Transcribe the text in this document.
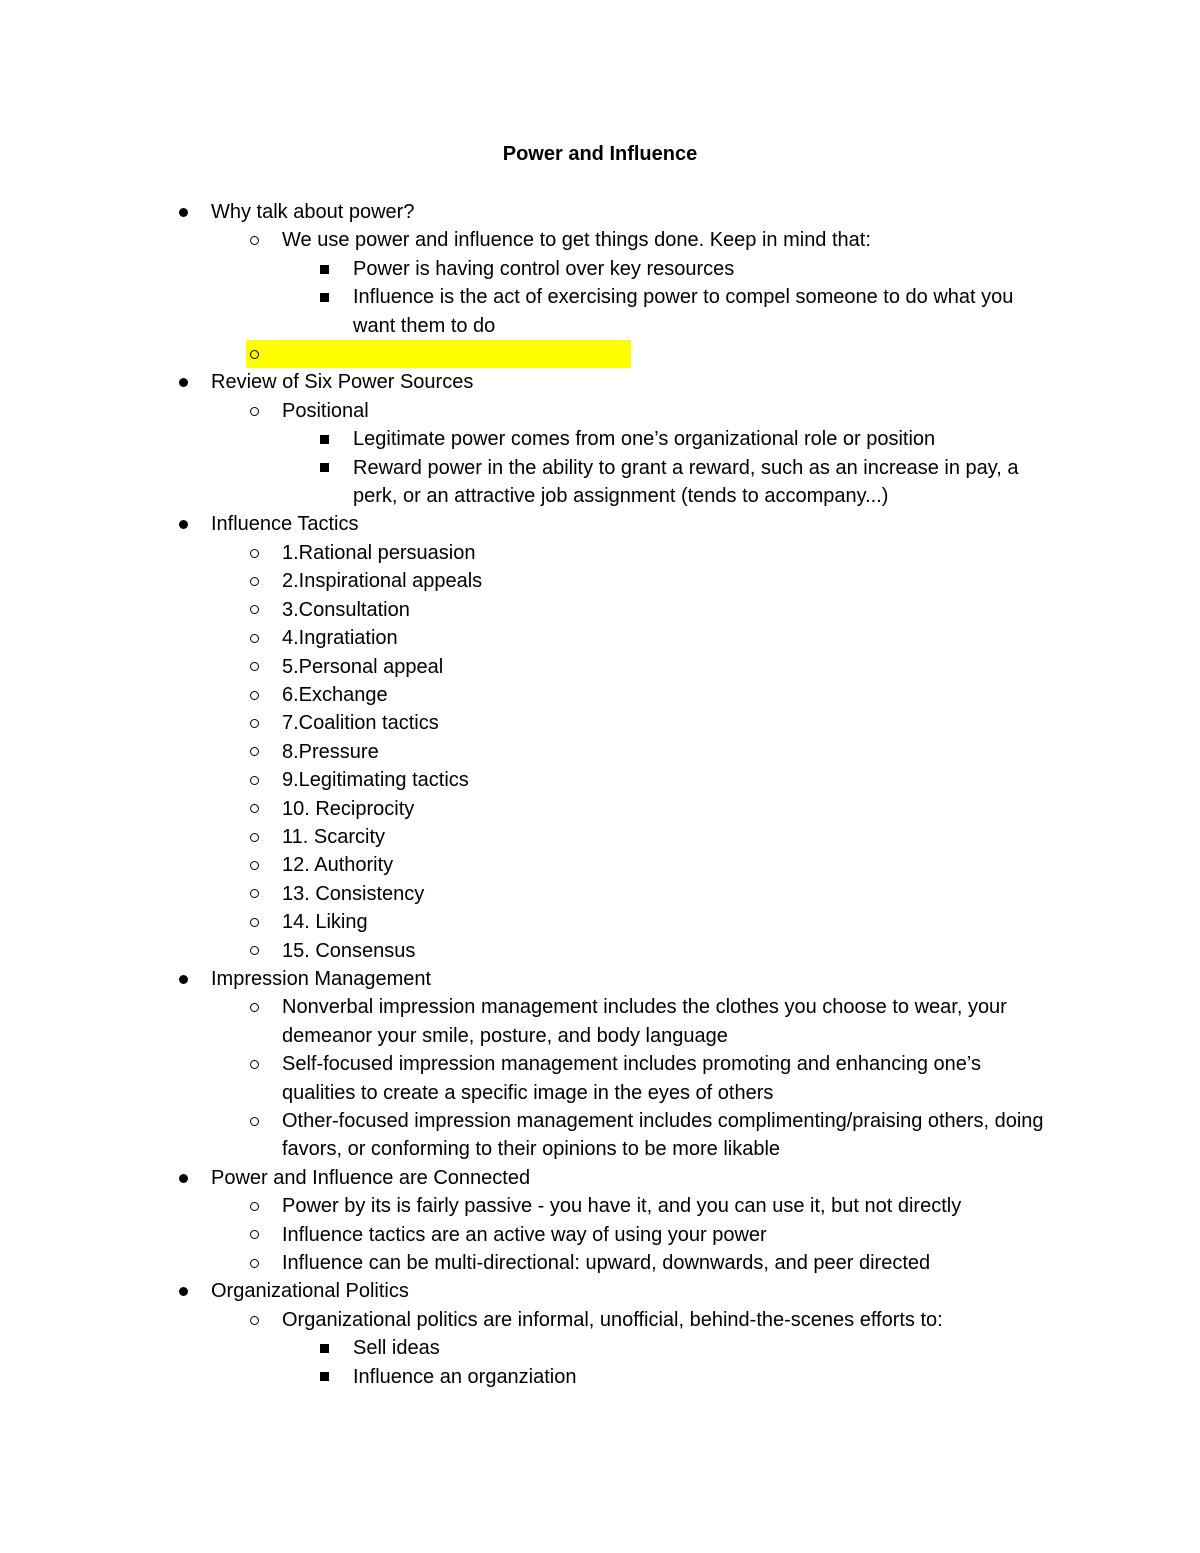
Power and Influence
Why talk about power?
We use power and influence to get things done. Keep in mind that:
Power is having control over key resources
Influence is the act of exercising power to compel someone to do what you want them to do
Review of Six Power Sources
Positional
Legitimate power comes from one’s organizational role or position
Reward power in the ability to grant a reward, such as an increase in pay, a perk, or an attractive job assignment (tends to accompany...)
Influence Tactics
1.Rational persuasion
2.Inspirational appeals
3.Consultation
4.Ingratiation
5.Personal appeal
6.Exchange
7.Coalition tactics
8.Pressure
9.Legitimating tactics
10. Reciprocity
11. Scarcity
12. Authority
13. Consistency
14. Liking
15. Consensus
Impression Management
Nonverbal impression management includes the clothes you choose to wear, your demeanor your smile, posture, and body language
Self-focused impression management includes promoting and enhancing one’s qualities to create a specific image in the eyes of others
Other-focused impression management includes complimenting/praising others, doing favors, or conforming to their opinions to be more likable
Power and Influence are Connected
Power by its is fairly passive - you have it, and you can use it, but not directly
Influence tactics are an active way of using your power
Influence can be multi-directional: upward, downwards, and peer directed
Organizational Politics
Organizational politics are informal, unofficial, behind-the-scenes efforts to:
Sell ideas
Influence an organziation
